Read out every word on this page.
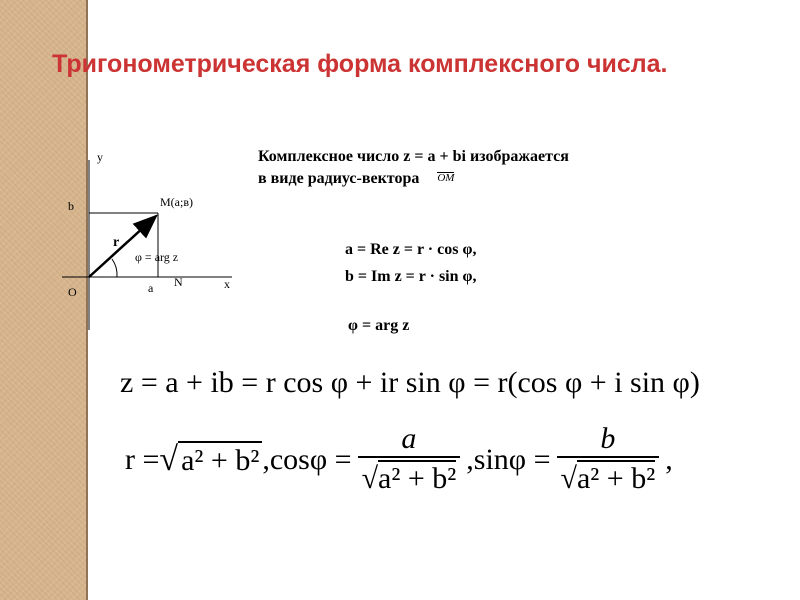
Тригонометрическая форма комплексного числа.
y
x
O
b
a N
M(a;в)
r
φ = arg z
Комплексное число z = a + bi изображается
в виде радиус-вектора OM
a = Re z = r · cos φ,
b = Im z = r · sin φ,
φ = arg z
z = a + ib = r cos φ + ir sin φ = r(cos φ + i sin φ)
r = √ a² + b² $,\cos\varphi = \frac{a}{\text{√a² + b²}} ,\sin\varphi = \frac{b}{\text{√a² + b²}}$ ,
